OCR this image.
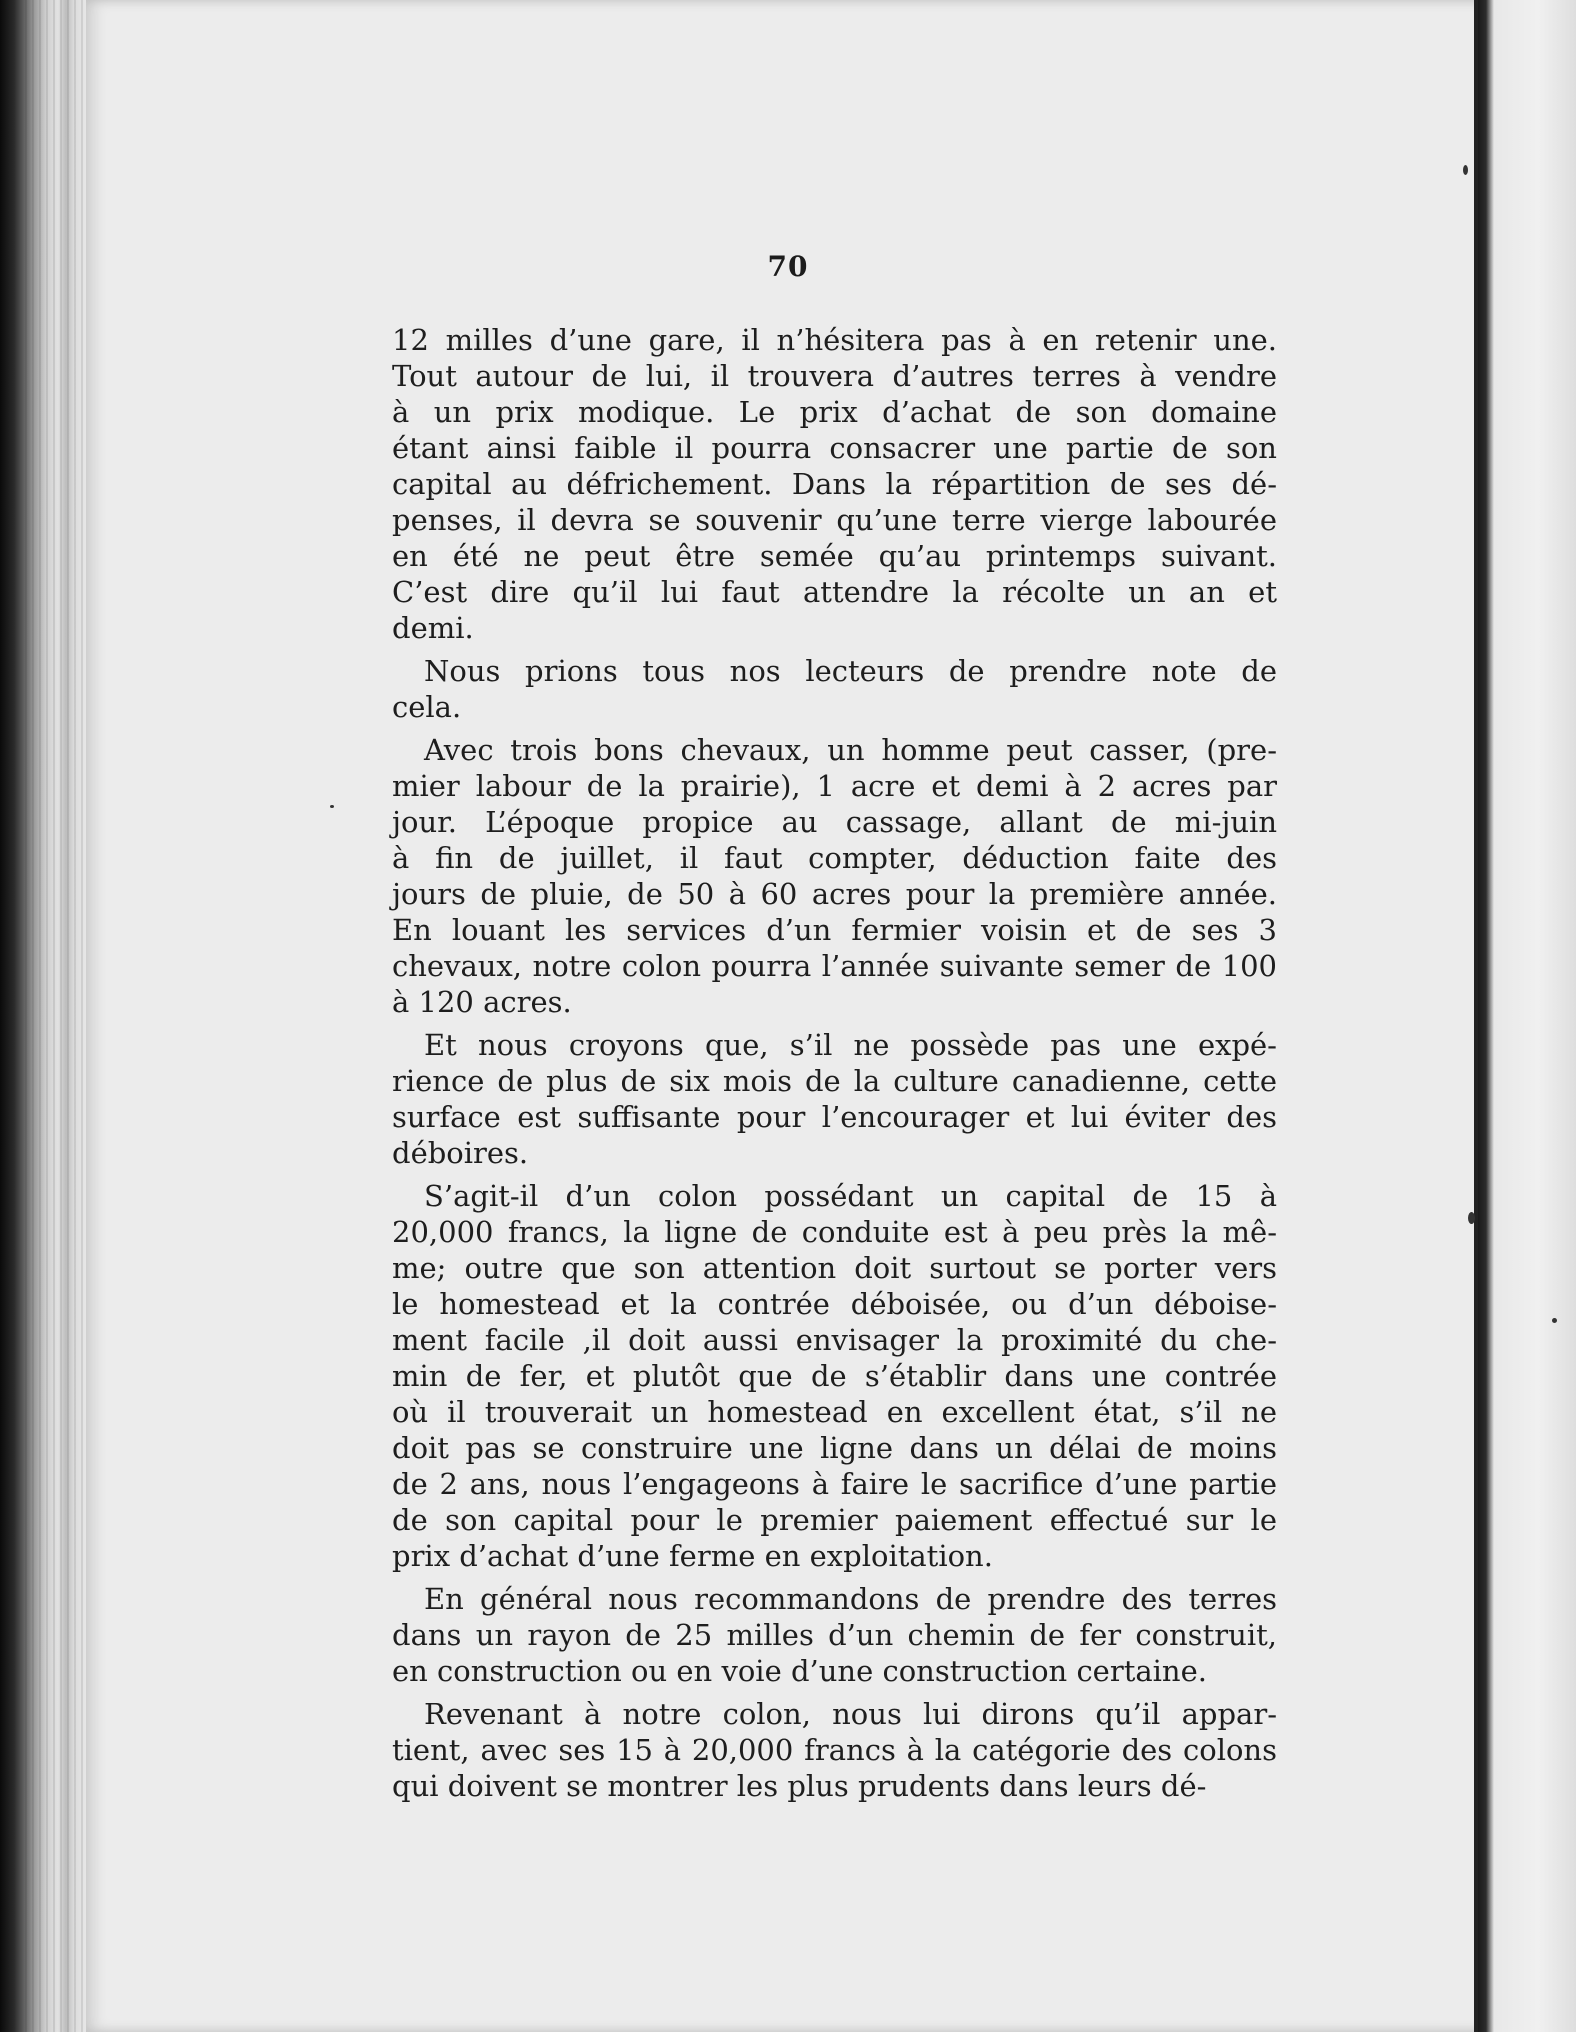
70
12 milles d’une gare, il n’hésitera pas à en retenir une.
Tout autour de lui, il trouvera d’autres terres à vendre
à un prix modique. Le prix d’achat de son domaine
étant ainsi faible il pourra consacrer une partie de son
capital au défrichement. Dans la répartition de ses dé-
penses, il devra se souvenir qu’une terre vierge labourée
en été ne peut être semée qu’au printemps suivant.
C’est dire qu’il lui faut attendre la récolte un an et
demi.
Nous prions tous nos lecteurs de prendre note de
cela.
Avec trois bons chevaux, un homme peut casser, (pre-
mier labour de la prairie), 1 acre et demi à 2 acres par
jour. L’époque propice au cassage, allant de mi-juin
à fin de juillet, il faut compter, déduction faite des
jours de pluie, de 50 à 60 acres pour la première année.
En louant les services d’un fermier voisin et de ses 3
chevaux, notre colon pourra l’année suivante semer de 100
à 120 acres.
Et nous croyons que, s’il ne possède pas une expé-
rience de plus de six mois de la culture canadienne, cette
surface est suffisante pour l’encourager et lui éviter des
déboires.
S’agit-il d’un colon possédant un capital de 15 à
20,000 francs, la ligne de conduite est à peu près la mê-
me; outre que son attention doit surtout se porter vers
le homestead et la contrée déboisée, ou d’un déboise-
ment facile ,il doit aussi envisager la proximité du che-
min de fer, et plutôt que de s’établir dans une contrée
où il trouverait un homestead en excellent état, s’il ne
doit pas se construire une ligne dans un délai de moins
de 2 ans, nous l’engageons à faire le sacrifice d’une partie
de son capital pour le premier paiement effectué sur le
prix d’achat d’une ferme en exploitation.
En général nous recommandons de prendre des terres
dans un rayon de 25 milles d’un chemin de fer construit,
en construction ou en voie d’une construction certaine.
Revenant à notre colon, nous lui dirons qu’il appar-
tient, avec ses 15 à 20,000 francs à la catégorie des colons
qui doivent se montrer les plus prudents dans leurs dé-
